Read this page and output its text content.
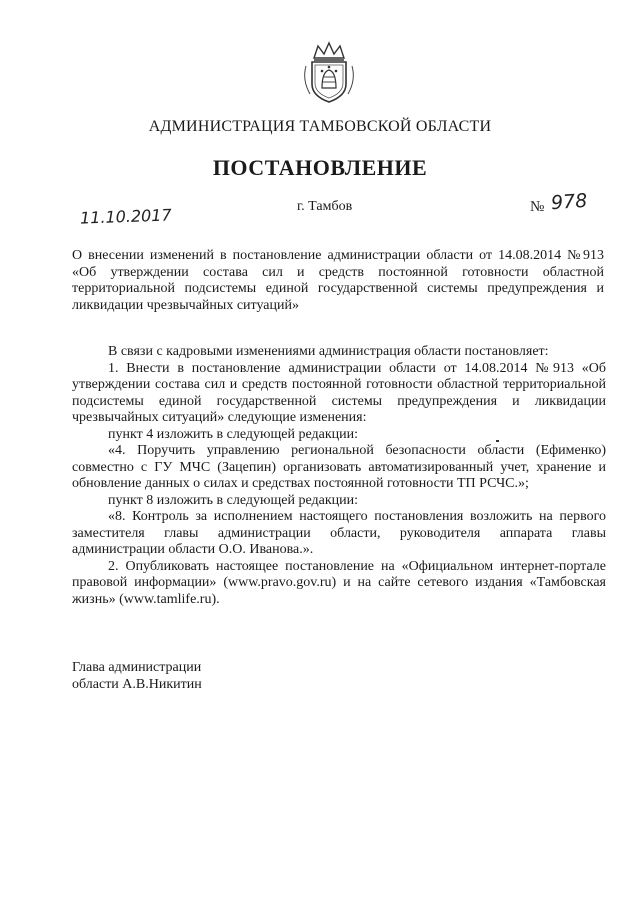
АДМИНИСТРАЦИЯ ТАМБОВСКОЙ ОБЛАСТИ
ПОСТАНОВЛЕНИЕ
11.10.2017	г. Тамбов	№ 978
О внесении изменений в постановление администрации области от 14.08.2014 №913 «Об утверждении состава сил и средств постоянной готовности областной территориальной подсистемы единой государственной системы предупреждения и ликвидации чрезвычайных ситуаций»

В связи с кадровыми изменениями администрация области постановляет:

1. Внести в постановление администрации области от 14.08.2014 №913 «Об утверждении состава сил и средств постоянной готовности областной территориальной подсистемы единой государственной системы предупреждения и ликвидации чрезвычайных ситуаций» следующие изменения:

пункт 4 изложить в следующей редакции:

«4. Поручить управлению региональной безопасности области (Ефименко) совместно с ГУ МЧС (Зацепин) организовать автоматизированный учет, хранение и обновление данных о силах и средствах постоянной готовности ТП РСЧС.»;

пункт 8 изложить в следующей редакции:

«8. Контроль за исполнением настоящего постановления возложить на первого заместителя главы администрации области, руководителя аппарата главы администрации области О.О. Иванова.».

2. Опубликовать настоящее постановление на «Официальном интернет-портале правовой информации» (www.pravo.gov.ru) и на сайте сетевого издания «Тамбовская жизнь» (www.tamlife.ru).

Глава администрации
области А.В.Никитин
